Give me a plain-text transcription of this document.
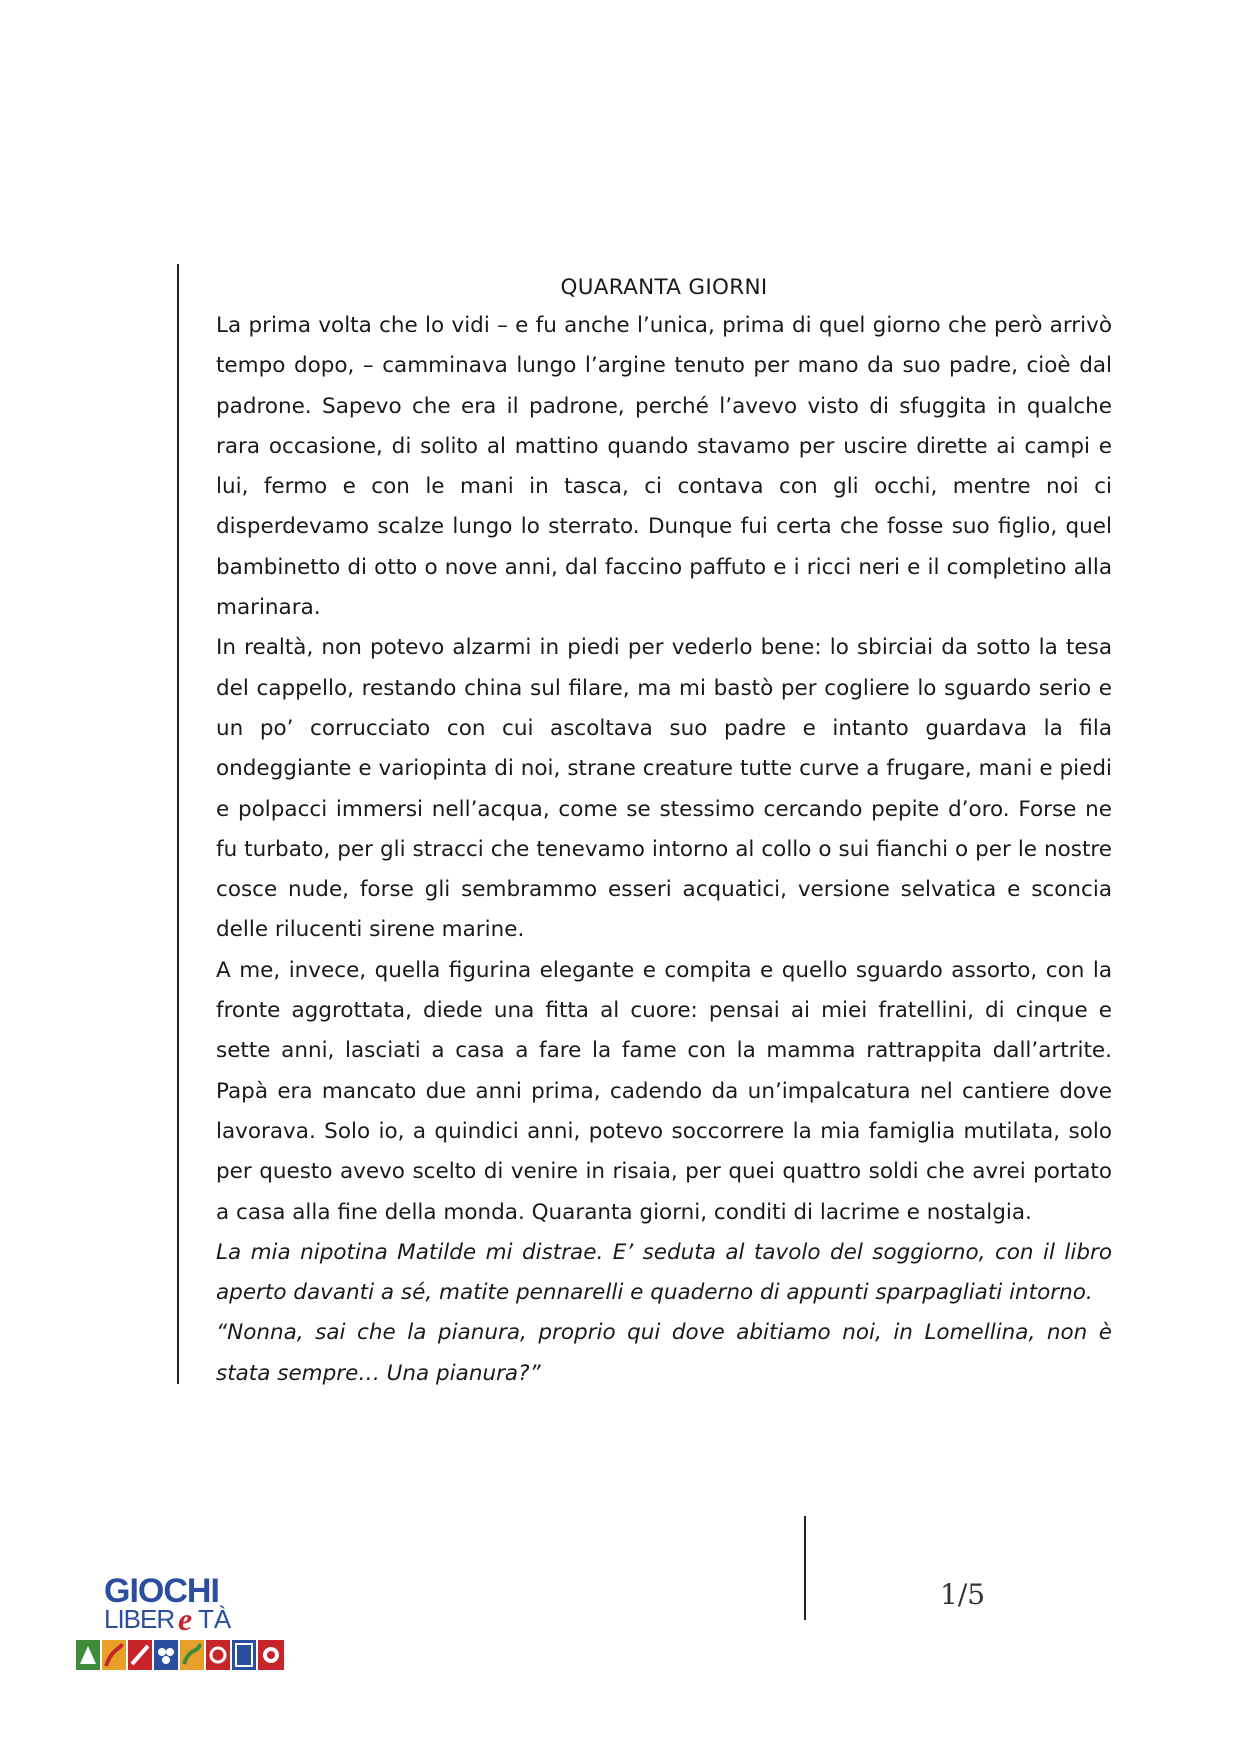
QUARANTA GIORNI

La prima volta che lo vidi – e fu anche l’unica, prima di quel giorno che però arrivò tempo dopo, – camminava lungo l’argine tenuto per mano da suo padre, cioè dal padrone. Sapevo che era il padrone, perché l’avevo visto di sfuggita in qualche rara occasione, di solito al mattino quando stavamo per uscire dirette ai campi e lui, fermo e con le mani in tasca, ci contava con gli occhi, mentre noi ci disperdevamo scalze lungo lo sterrato. Dunque fui certa che fosse suo figlio, quel bambinetto di otto o nove anni, dal faccino paffuto e i ricci neri e il completino alla marinara.

In realtà, non potevo alzarmi in piedi per vederlo bene: lo sbirciai da sotto la tesa del cappello, restando china sul filare, ma mi bastò per cogliere lo sguardo serio e un po’ corrucciato con cui ascoltava suo padre e intanto guardava la fila ondeggiante e variopinta di noi, strane creature tutte curve a frugare, mani e piedi e polpacci immersi nell’acqua, come se stessimo cercando pepite d’oro. Forse ne fu turbato, per gli stracci che tenevamo intorno al collo o sui fianchi o per le nostre cosce nude, forse gli sembrammo esseri acquatici, versione selvatica e sconcia delle rilucenti sirene marine.

A me, invece, quella figurina elegante e compita e quello sguardo assorto, con la fronte aggrottata, diede una fitta al cuore: pensai ai miei fratellini, di cinque e sette anni, lasciati a casa a fare la fame con la mamma rattrappita dall’artrite. Papà era mancato due anni prima, cadendo da un’impalcatura nel cantiere dove lavorava. Solo io, a quindici anni, potevo soccorrere la mia famiglia mutilata, solo per questo avevo scelto di venire in risaia, per quei quattro soldi che avrei portato a casa alla fine della monda. Quaranta giorni, conditi di lacrime e nostalgia.

La mia nipotina Matilde mi distrae. E’ seduta al tavolo del soggiorno, con il libro aperto davanti a sé, matite pennarelli e quaderno di appunti sparpagliati intorno.

“Nonna, sai che la pianura, proprio qui dove abitiamo noi, in Lomellina, non è stata sempre… Una pianura?”

GIOCHI
LIBER e TÀ
1/5
